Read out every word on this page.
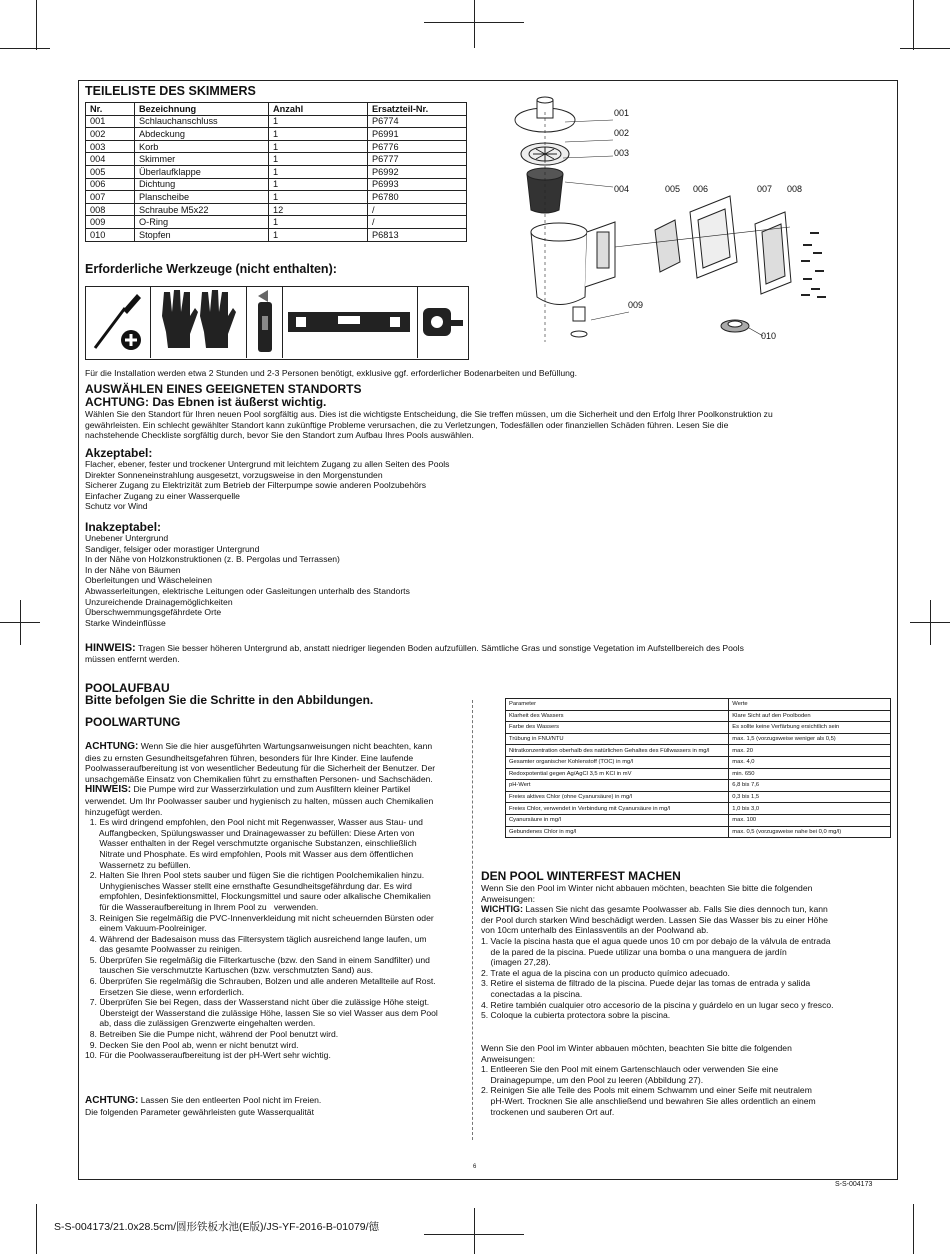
TEILELISTE DES SKIMMERS
Nr.	Bezeichnung	Anzahl	Ersatzteil-Nr.
001	Schlauchanschluss	1	P6774
002	Abdeckung	1	P6991
003	Korb	1	P6776
004	Skimmer	1	P6777
005	Überlaufklappe	1	P6992
006	Dichtung	1	P6993
007	Planscheibe	1	P6780
008	Schraube M5x22	12	/
009	O-Ring	1	/
010	Stopfen	1	P6813
001
002
003
004	005 006	007 008
009
010
Erforderliche Werkzeuge (nicht enthalten):
Für die Installation werden etwa 2 Stunden und 2-3 Personen benötigt, exklusive ggf. erforderlicher Bodenarbeiten und Befüllung.
AUSWÄHLEN EINES GEEIGNETEN STANDORTS
ACHTUNG: Das Ebnen ist äußerst wichtig.
Wählen Sie den Standort für Ihren neuen Pool sorgfältig aus. Dies ist die wichtigste Entscheidung, die Sie treffen müssen, um die Sicherheit und den Erfolg Ihrer Poolkonstruktion zu
gewährleisten. Ein schlecht gewählter Standort kann zukünftige Probleme verursachen, die zu Verletzungen, Todesfällen oder finanziellen Schäden führen. Lesen Sie die
nachstehende Checkliste sorgfältig durch, bevor Sie den Standort zum Aufbau Ihres Pools auswählen.
Akzeptabel:
Flacher, ebener, fester und trockener Untergrund mit leichtem Zugang zu allen Seiten des Pools
Direkter Sonneneinstrahlung ausgesetzt, vorzugsweise in den Morgenstunden
Sicherer Zugang zu Elektrizität zum Betrieb der Filterpumpe sowie anderen Poolzubehörs
Einfacher Zugang zu einer Wasserquelle
Schutz vor Wind
Inakzeptabel:
Unebener Untergrund
Sandiger, felsiger oder morastiger Untergrund
In der Nähe von Holzkonstruktionen (z. B. Pergolas und Terrassen)
In der Nähe von Bäumen
Oberleitungen und Wäscheleinen
Abwasserleitungen, elektrische Leitungen oder Gasleitungen unterhalb des Standorts
Unzureichende Drainagemöglichkeiten
Überschwemmungsgefährdete Orte
Starke Windeinflüsse
HINWEIS: Tragen Sie besser höheren Untergrund ab, anstatt niedriger liegenden Boden aufzufüllen. Sämtliche Gras und sonstige Vegetation im Aufstellbereich des Pools
müssen entfernt werden.
POOLAUFBAU
Bitte befolgen Sie die Schritte in den Abbildungen.
POOLWARTUNG
ACHTUNG: Wenn Sie die hier ausgeführten Wartungsanweisungen nicht beachten, kann
dies zu ernsten Gesundheitsgefahren führen, besonders für Ihre Kinder. Eine laufende
Poolwasseraufbereitung ist von wesentlicher Bedeutung für die Sicherheit der Benutzer. Der
unsachgemäße Einsatz von Chemikalien führt zu ernsthaften Personen- und Sachschäden.
HINWEIS: Die Pumpe wird zur Wasserzirkulation und zum Ausfiltern kleiner Partikel
verwendet. Um Ihr Poolwasser sauber und hygienisch zu halten, müssen auch Chemikalien
hinzugefügt werden.
1. Es wird dringend empfohlen, den Pool nicht mit Regenwasser, Wasser aus Stau- und
Auffangbecken, Spülungswasser und Drainagewasser zu befüllen: Diese Arten von
Wasser enthalten in der Regel verschmutzte organische Substanzen, einschließlich
Nitrate und Phosphate. Es wird empfohlen, Pools mit Wasser aus dem öffentlichen
Wassernetz zu befüllen.
2. Halten Sie Ihren Pool stets sauber und fügen Sie die richtigen Poolchemikalien hinzu.
Unhygienisches Wasser stellt eine ernsthafte Gesundheitsgefährdung dar. Es wird
empfohlen, Desinfektionsmittel, Flockungsmittel und saure oder alkalische Chemikalien
für die Wasseraufbereitung in Ihrem Pool zu   verwenden.
3. Reinigen Sie regelmäßig die PVC-Innenverkleidung mit nicht scheuernden Bürsten oder
einem Vakuum-Poolreiniger.
4. Während der Badesaison muss das Filtersystem täglich ausreichend lange laufen, um
das gesamte Poolwasser zu reinigen.
5. Überprüfen Sie regelmäßig die Filterkartusche (bzw. den Sand in einem Sandfilter) und
tauschen Sie verschmutzte Kartuschen (bzw. verschmutzten Sand) aus.
6. Überprüfen Sie regelmäßig die Schrauben, Bolzen und alle anderen Metallteile auf Rost.
Ersetzen Sie diese, wenn erforderlich.
7. Überprüfen Sie bei Regen, dass der Wasserstand nicht über die zulässige Höhe steigt.
Übersteigt der Wasserstand die zulässige Höhe, lassen Sie so viel Wasser aus dem Pool
ab, dass die zulässigen Grenzwerte eingehalten werden.
8. Betreiben Sie die Pumpe nicht, während der Pool benutzt wird.
9. Decken Sie den Pool ab, wenn er nicht benutzt wird.
10. Für die Poolwasseraufbereitung ist der pH-Wert sehr wichtig.
ACHTUNG: Lassen Sie den entleerten Pool nicht im Freien.
Die folgenden Parameter gewährleisten gute Wasserqualität
Parameter	Werte
Klarheit des Wassers	Klare Sicht auf den Poolboden
Farbe des Wassers	Es sollte keine Verfärbung ersichtlich sein
Trübung in FNU/NTU	max. 1,5 (vorzugsweise weniger als 0,5)
Nitratkonzentration oberhalb des natürlichen Gehaltes des Füllwassers in mg/l	max. 20
Gesamter organischer Kohlenstoff (TOC) in mg/l	max. 4,0
Redoxpotential gegen Ag/AgCl 3,5 m KCl in mV	min. 650
pH-Wert	6,8 bis 7,6
Freies aktives Chlor (ohne Cyanursäure) in mg/l	0,3 bis 1,5
Freies Chlor, verwendet in Verbindung mit Cyanursäure in mg/l	1,0 bis 3,0
Cyanursäure in mg/l	max. 100
Gebundenes Chlor in mg/l	max. 0,5 (vorzugsweise nahe bei 0,0 mg/l)
DEN POOL WINTERFEST MACHEN
Wenn Sie den Pool im Winter nicht abbauen möchten, beachten Sie bitte die folgenden
Anweisungen:
WICHTIG: Lassen Sie nicht das gesamte Poolwasser ab. Falls Sie dies dennoch tun, kann
der Pool durch starken Wind beschädigt werden. Lassen Sie das Wasser bis zu einer Höhe
von 10cm unterhalb des Einlassventils an der Poolwand ab.
1. Vacíe la piscina hasta que el agua quede unos 10 cm por debajo de la válvula de entrada
de la pared de la piscina. Puede utilizar una bomba o una manguera de jardín
(imagen 27,28).
2. Trate el agua de la piscina con un producto químico adecuado.
3. Retire el sistema de filtrado de la piscina. Puede dejar las tomas de entrada y salida
conectadas a la piscina.
4. Retire también cualquier otro accesorio de la piscina y guárdelo en un lugar seco y fresco.
5. Coloque la cubierta protectora sobre la piscina.
Wenn Sie den Pool im Winter abbauen möchten, beachten Sie bitte die folgenden
Anweisungen:
1. Entleeren Sie den Pool mit einem Gartenschlauch oder verwenden Sie eine
Drainagepumpe, um den Pool zu leeren (Abbildung 27).
2. Reinigen Sie alle Teile des Pools mit einem Schwamm und einer Seife mit neutralem
pH-Wert. Trocknen Sie alle anschließend und bewahren Sie alles ordentlich an einem
trockenen und sauberen Ort auf.
6
S-S-004173
S-S-004173/21.0x28.5cm/圆形铁板水池(E版)/JS-YF-2016-B-01079/德
